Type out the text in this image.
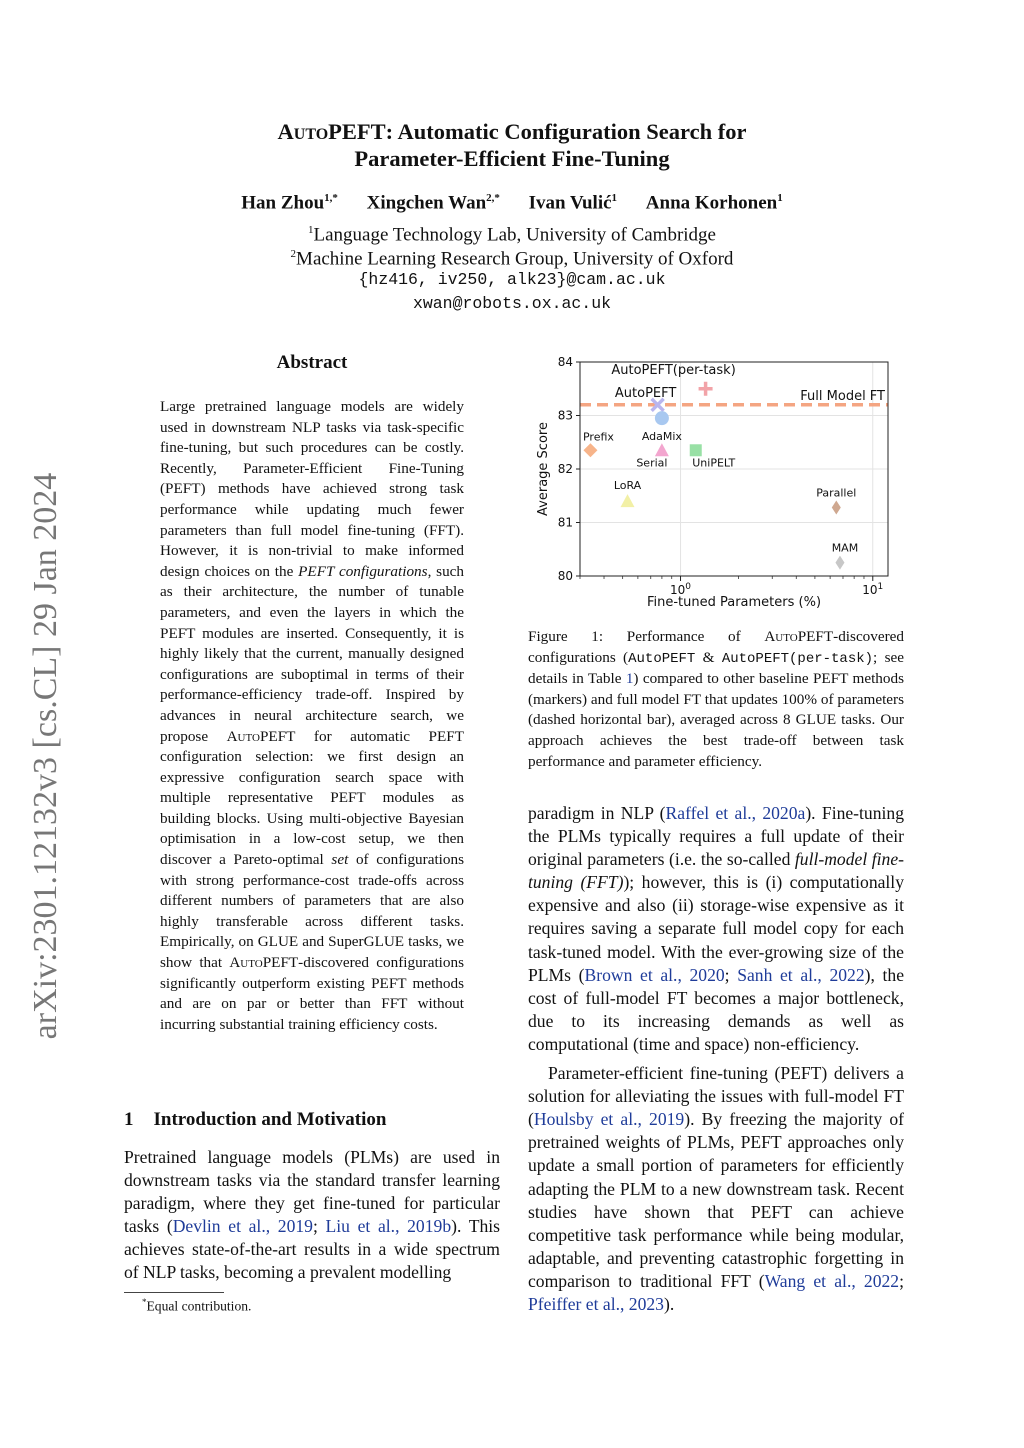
arXiv:2301.12132v3 [cs.CL] 29 Jan 2024
AutoPEFT: Automatic Configuration Search for
Parameter-Efficient Fine-Tuning
Han Zhou$^{1,*}$ Xingchen Wan$^{2,*}$ Ivan Vulić$^1$ Anna Korhonen$^1$
$^1$Language Technology Lab, University of Cambridge
$^2$Machine Learning Research Group, University of Oxford
{hz416, iv250, alk23}@cam.ac.uk
xwan@robots.ox.ac.uk
Abstract
Large pretrained language models are widely used in downstream NLP tasks via task-specific fine-tuning, but such procedures can be costly. Recently, Parameter-Efficient Fine-Tuning (PEFT) methods have achieved strong task performance while updating much fewer parameters than full model fine-tuning (FFT). However, it is non-trivial to make informed design choices on the PEFT configurations, such as their architecture, the number of tunable parameters, and even the layers in which the PEFT modules are inserted. Consequently, it is highly likely that the current, manually designed configurations are suboptimal in terms of their performance-efficiency trade-off. Inspired by advances in neural architecture search, we propose AutoPEFT for automatic PEFT configuration selection: we first design an expressive configuration search space with multiple representative PEFT modules as building blocks. Using multi-objective Bayesian optimisation in a low-cost setup, we then discover a Pareto-optimal set of configurations with strong performance-cost trade-offs across different numbers of parameters that are also highly transferable across different tasks. Empirically, on GLUE and SuperGLUE tasks, we show that AutoPEFT-discovered configurations significantly outperform existing PEFT methods and are on par or better than FFT without incurring substantial training efficiency costs.
1 Introduction and Motivation
Pretrained language models (PLMs) are used in downstream tasks via the standard transfer learning paradigm, where they get fine-tuned for particular tasks (Devlin et al., 2019; Liu et al., 2019b). This achieves state-of-the-art results in a wide spectrum of NLP tasks, becoming a prevalent modelling
paradigm in NLP (Raffel et al., 2020a). Fine-tuning the PLMs typically requires a full update of their original parameters (i.e. the so-called full-model fine-tuning (FFT)); however, this is (i) computationally expensive and also (ii) storage-wise expensive as it requires saving a separate full model copy for each task-tuned model. With the ever-growing size of the PLMs (Brown et al., 2020; Sanh et al., 2022), the cost of full-model FT becomes a major bottleneck, due to its increasing demands as well as computational (time and space) non-efficiency.
Parameter-efficient fine-tuning (PEFT) delivers a solution for alleviating the issues with full-model FT (Houlsby et al., 2019). By freezing the majority of pretrained weights of PLMs, PEFT approaches only update a small portion of parameters for efficiently adapting the PLM to a new downstream task. Recent studies have shown that PEFT can achieve competitive task performance while being modular, adaptable, and preventing catastrophic forgetting in comparison to traditional FFT (Wang et al., 2022; Pfeiffer et al., 2023).
*Equal contribution.
Full Model FT
80
81
82
83
84
$10^0$	$10^1$
Fine-tuned Parameters (%)
Average Score
AutoPEFT(per-task)
AutoPEFT
AdaMix
Prefix
Serial UniPELT
LoRA
Parallel
MAM
Figure 1: Performance of AutoPEFT-discovered configurations (AutoPEFT & AutoPEFT(per-task); see details in Table 1) compared to other baseline PEFT methods (markers) and full model FT that updates 100% of parameters (dashed horizontal bar), averaged across 8 GLUE tasks. Our approach achieves the best trade-off between task performance and parameter efficiency.
